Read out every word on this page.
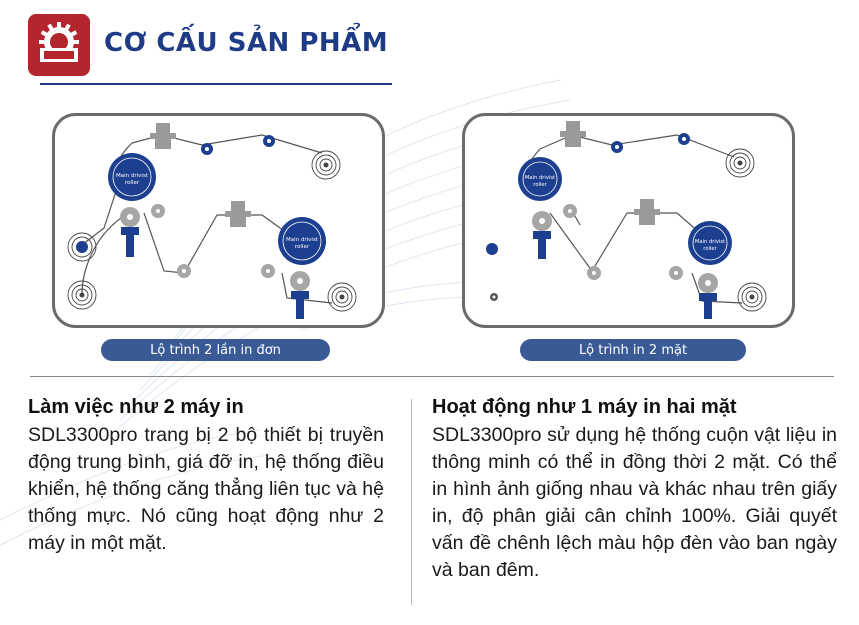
CƠ CẤU SẢN PHẨM
Main drivist
roller
Main drivist
roller
Main drivist
roller
Main drivist
roller
Lộ trình 2 lần in đơn	Lộ trình in 2 mặt
Làm việc như 2 máy in

SDL3300pro trang bị 2 bộ thiết bị truyền động trung bình, giá đỡ in, hệ thống điều khiển, hệ thống căng thẳng liên tục và hệ thống mực. Nó cũng hoạt động như 2 máy in một mặt.

Hoạt động như 1 máy in hai mặt

SDL3300pro sử dụng hệ thống cuộn vật liệu in thông minh có thể in đồng thời 2 mặt. Có thể in hình ảnh giống nhau và khác nhau trên giấy in, độ phân giải cân chỉnh 100%. Giải quyết vấn đề chênh lệch màu hộp đèn vào ban ngày và ban đêm.
